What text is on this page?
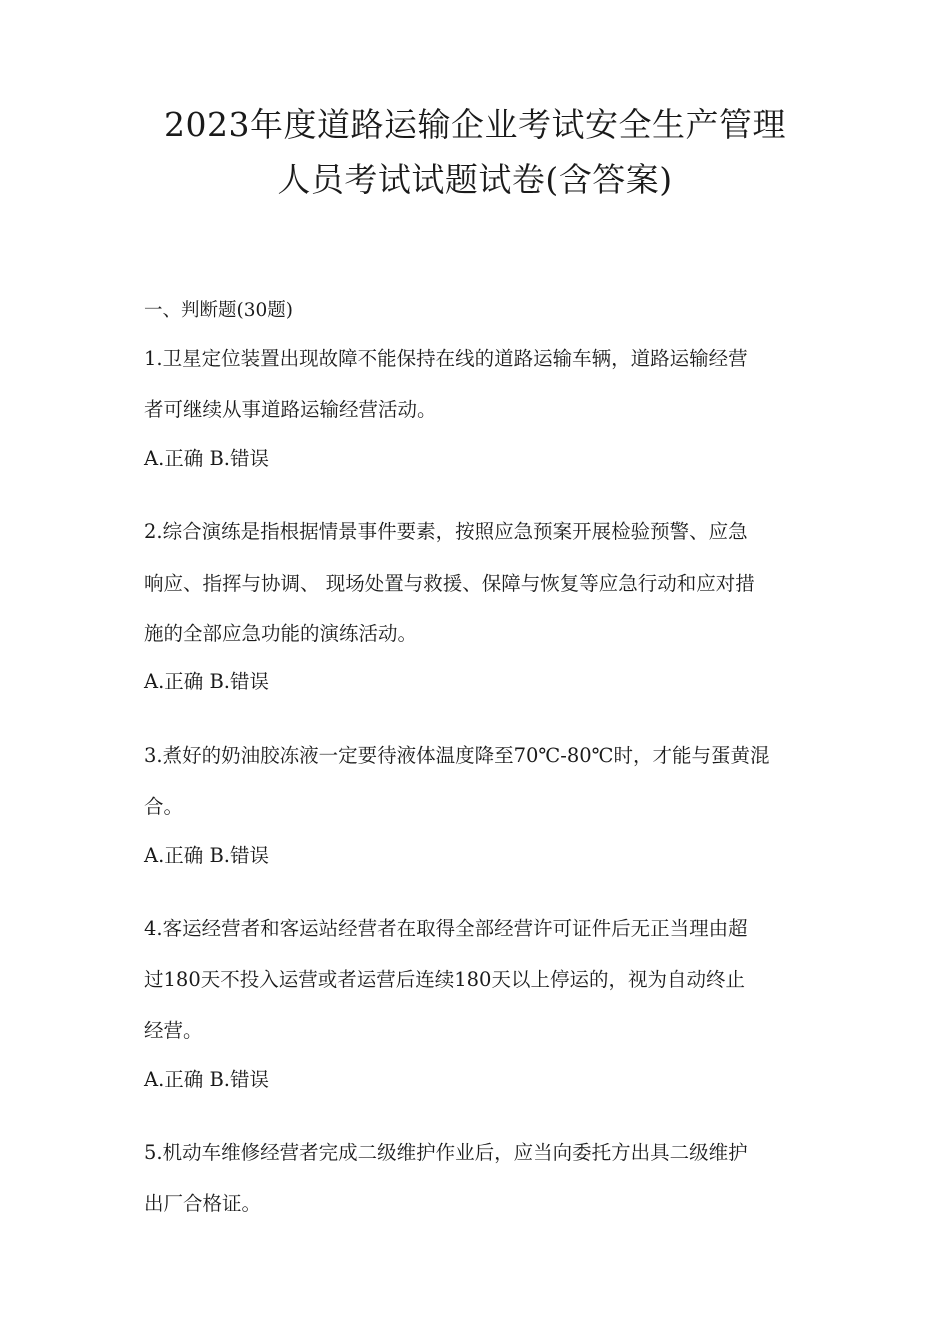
2023年度道路运输企业考试安全生产管理
人员考试试题试卷(含答案)
一、判断题(30题)
1.卫星定位装置出现故障不能保持在线的道路运输车辆，道路运输经营
者可继续从事道路运输经营活动。
A.正确 B.错误
2.综合演练是指根据情景事件要素，按照应急预案开展检验预警、应急
响应、指挥与协调、 现场处置与救援、保障与恢复等应急行动和应对措
施的全部应急功能的演练活动。
A.正确 B.错误
3.煮好的奶油胶冻液一定要待液体温度降至70℃-80℃时，才能与蛋黄混
合。
A.正确 B.错误
4.客运经营者和客运站经营者在取得全部经营许可证件后无正当理由超
过180天不投入运营或者运营后连续180天以上停运的，视为自动终止
经营。
A.正确 B.错误
5.机动车维修经营者完成二级维护作业后，应当向委托方出具二级维护
出厂合格证。
